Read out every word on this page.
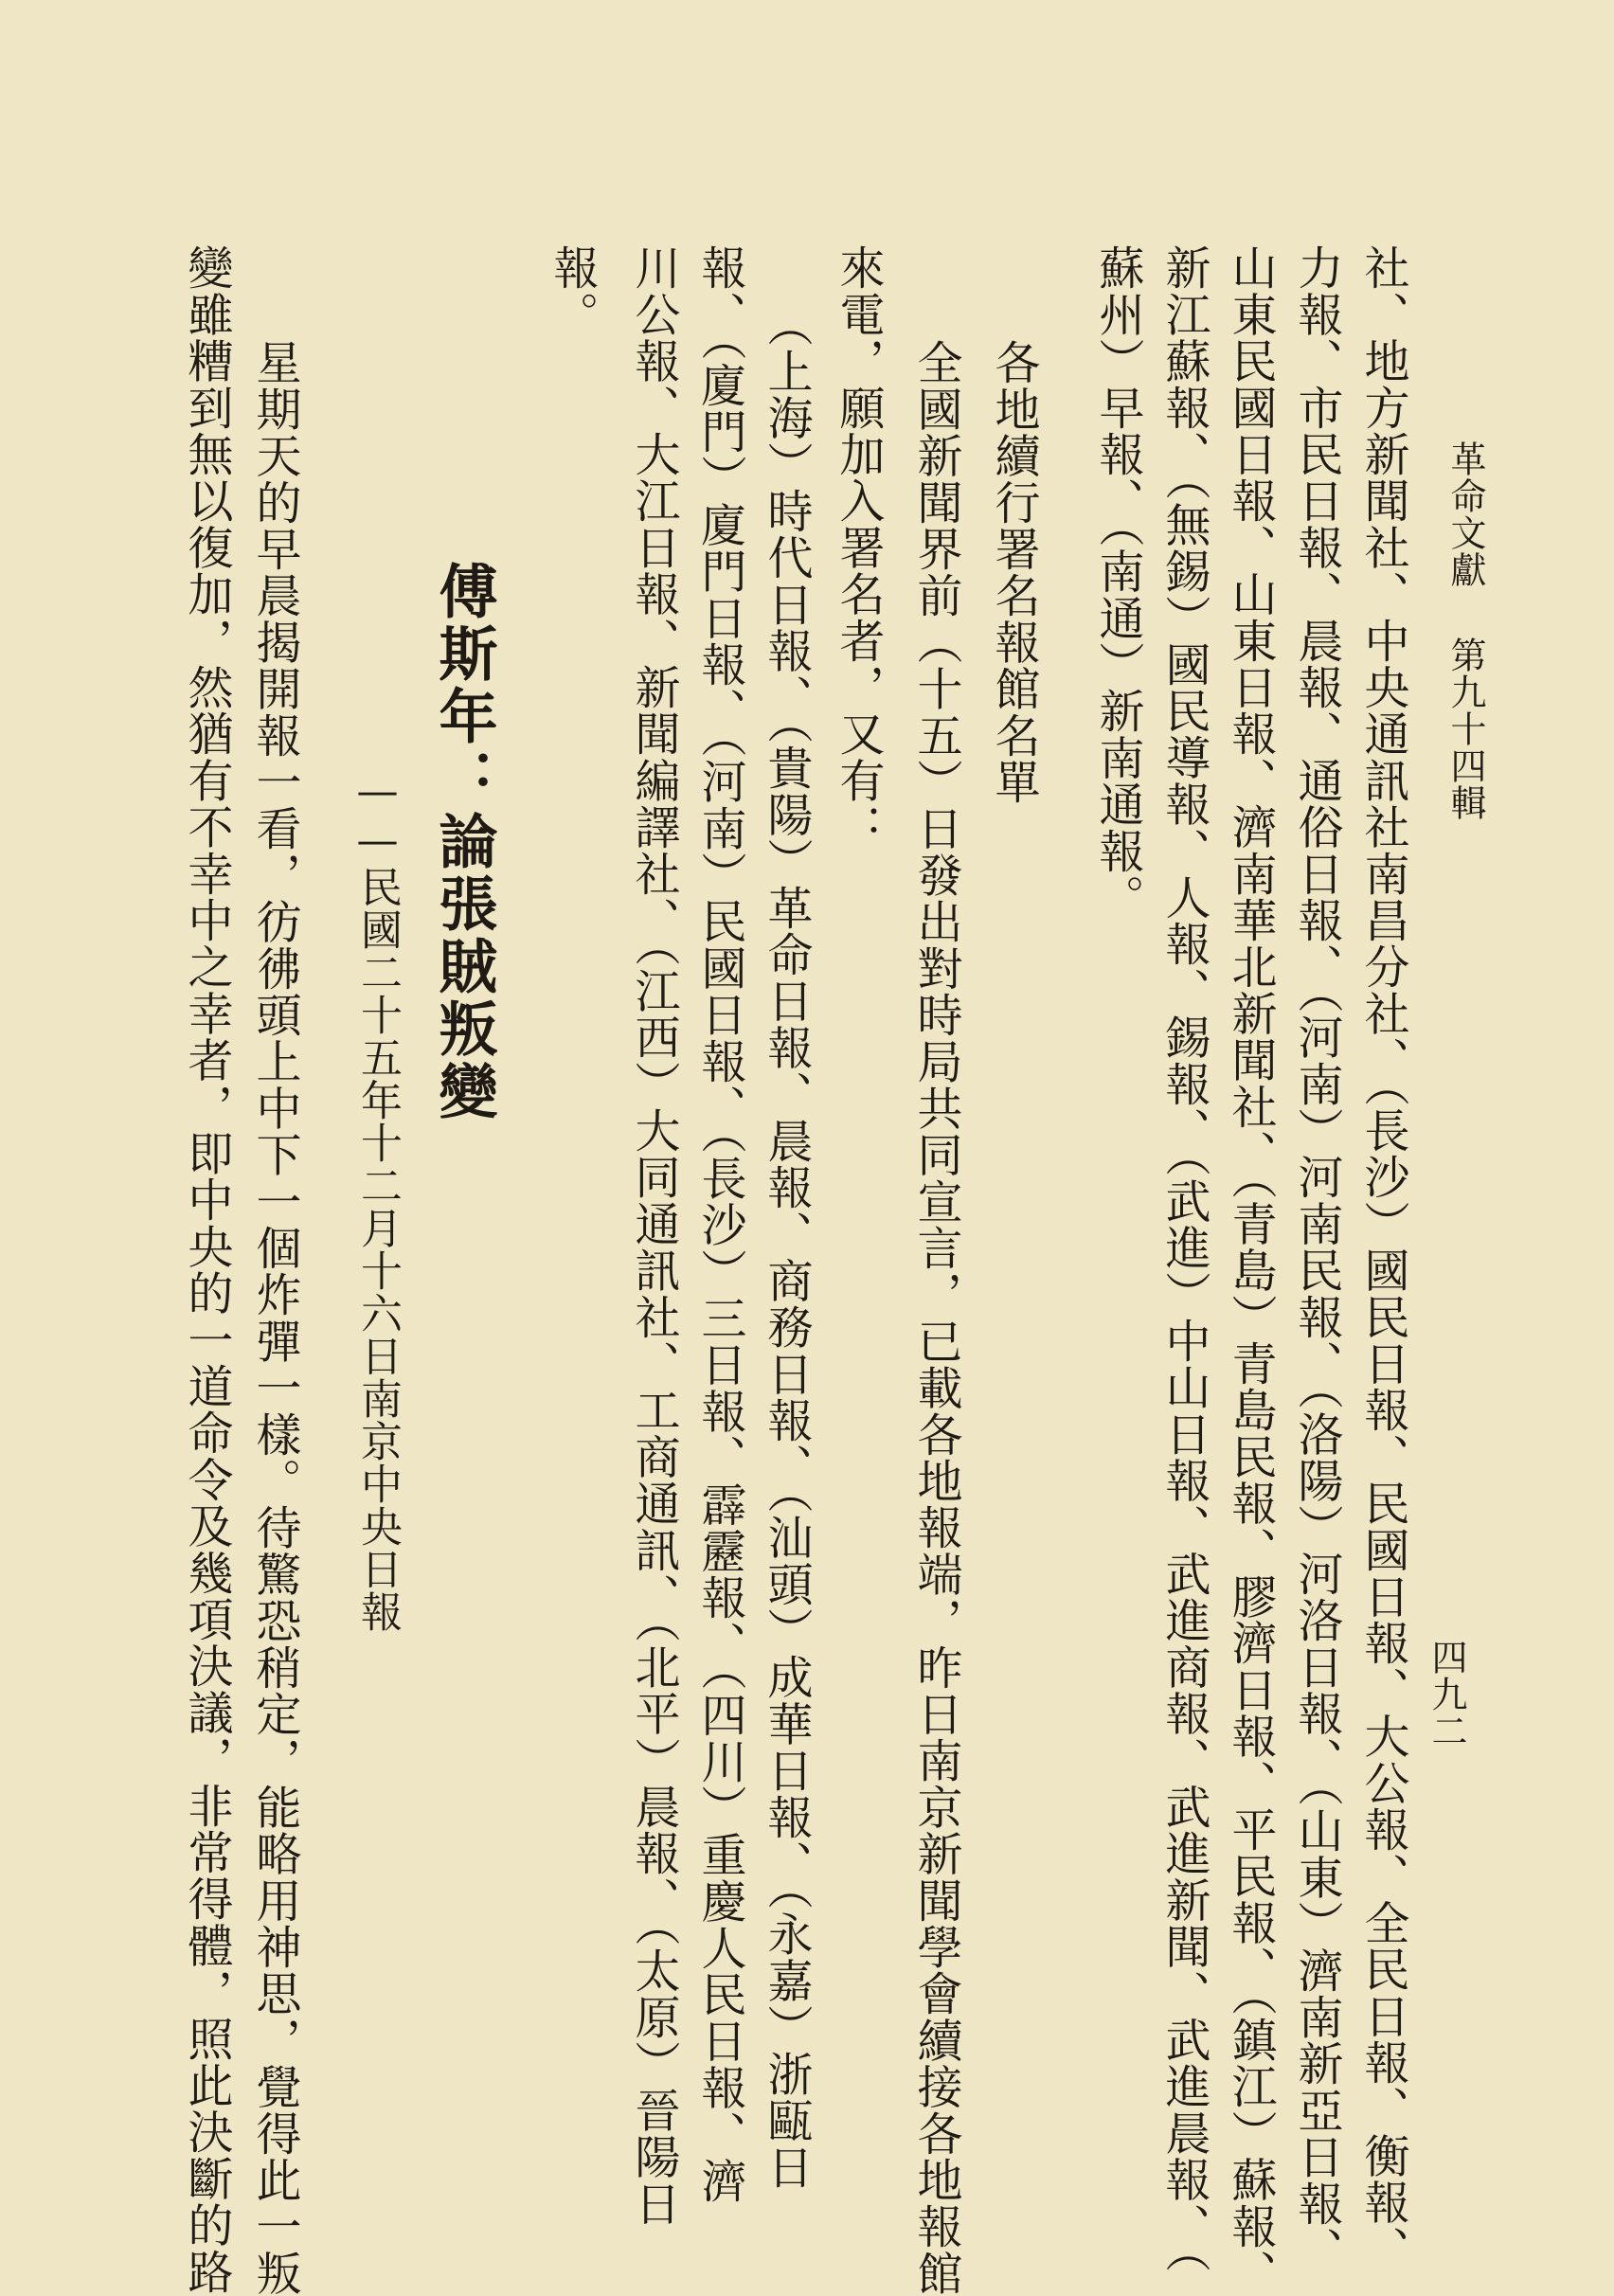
革命文獻
第九十四輯
四九二
社、地方新聞社、中央通訊社南昌分社、（長沙）國民日報、民國日報、大公報、全民日報、衡報、
力報、市民日報、晨報、通俗日報、（河南）河南民報、（洛陽）河洛日報、（山東）濟南新亞日報、
山東民國日報、山東日報、濟南華北新聞社、（青島）青島民報、膠濟日報、平民報、（鎮江）蘇報、
新江蘇報、（無錫）國民導報、人報、錫報、（武進）中山日報、武進商報、武進新聞、武進晨報、（
蘇州）早報、（南通）新南通報。
各地續行署名報館名單
全國新聞界前（十五）日發出對時局共同宣言，已載各地報端，昨日南京新聞學會續接各地報館
來電，願加入署名者，又有：
（上海）時代日報、（貴陽）革命日報、晨報、商務日報、（汕頭）成華日報、（永嘉）浙甌日
報、（廈門）廈門日報、（河南）民國日報、（長沙）三日報、霹靂報、（四川）重慶人民日報、濟
川公報、大江日報、新聞編譯社、（江西）大同通訊社、工商通訊、（北平）晨報、（太原）晉陽日
報。
傅斯年：論張賊叛變
——民國二十五年十二月十六日南京中央日報
星期天的早晨揭開報一看，彷彿頭上中下一個炸彈一樣。待驚恐稍定，能略用神思，覺得此一叛
變雖糟到無以復加，然猶有不幸中之幸者，即中央的一道命令及幾項決議，非常得體，照此決斷的路
